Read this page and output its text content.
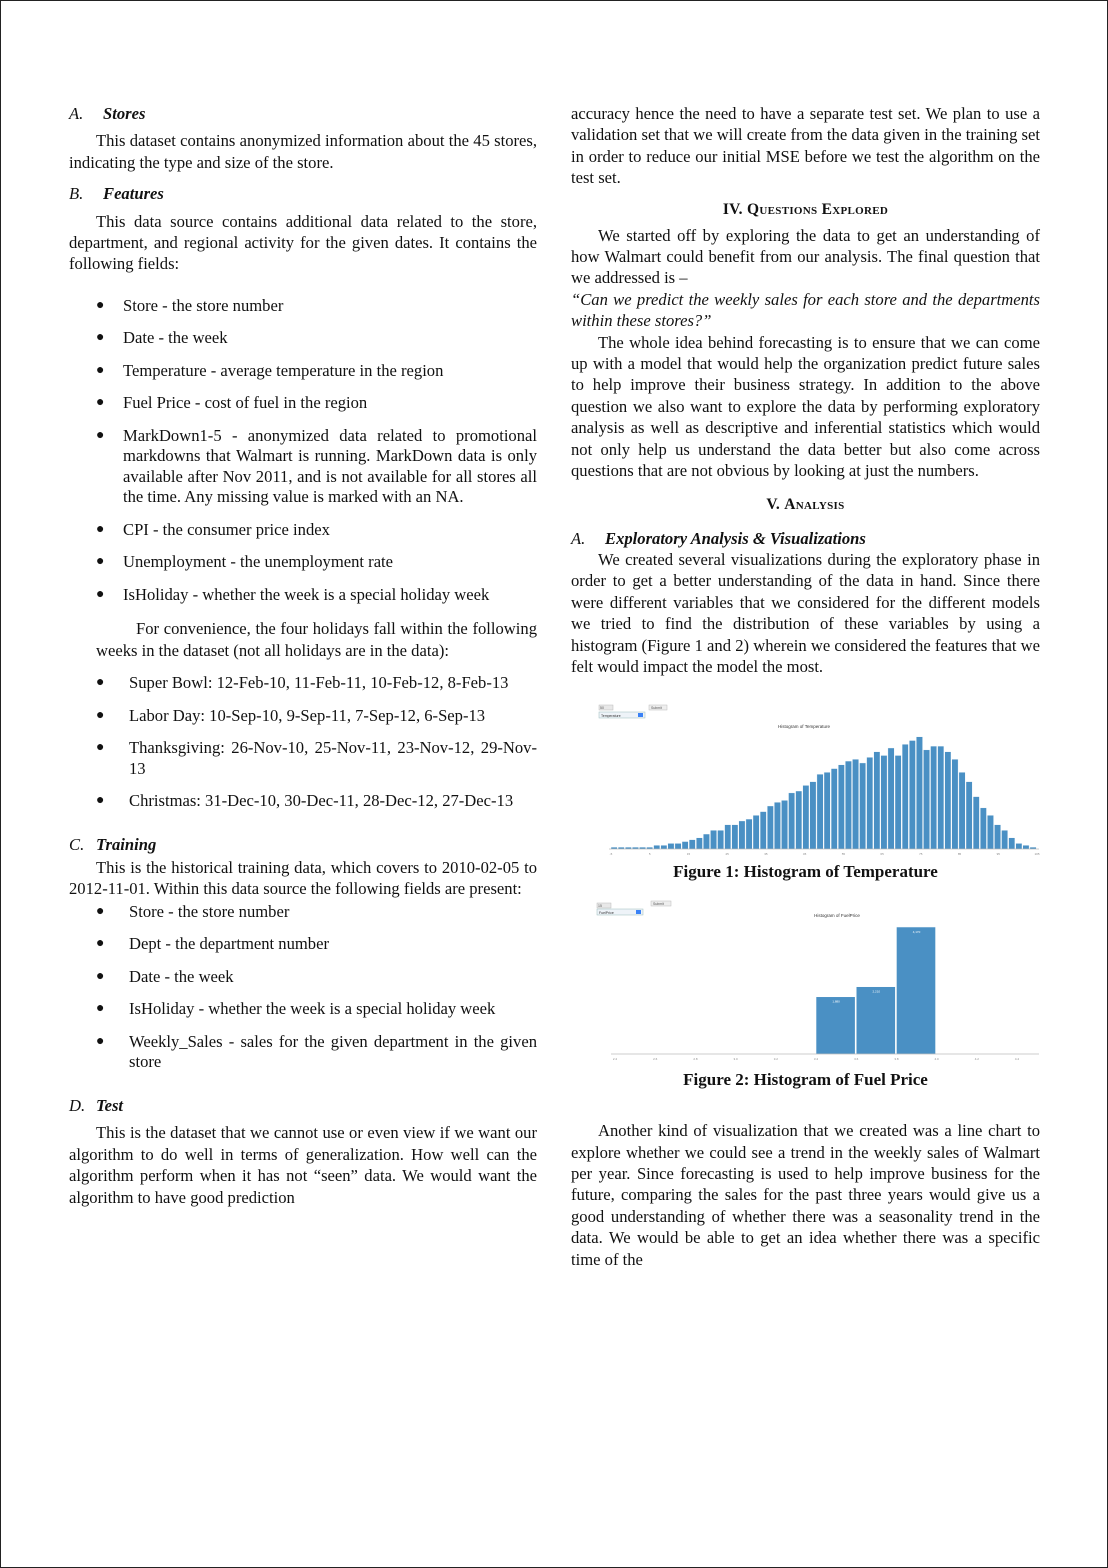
A. Stores

This dataset contains anonymized information about the 45 stores, indicating the type and size of the store.

B. Features

This data source contains additional data related to the store, department, and regional activity for the given dates. It contains the following fields:

● Store - the store number
● Date - the week
● Temperature - average temperature in the region
● Fuel Price - cost of fuel in the region
● MarkDown1-5 - anonymized data related to promotional markdowns that Walmart is running. MarkDown data is only available after Nov 2011, and is not available for all stores all the time. Any missing value is marked with an NA.
● CPI - the consumer price index
● Unemployment - the unemployment rate
● IsHoliday - whether the week is a special holiday week

For convenience, the four holidays fall within the following weeks in the dataset (not all holidays are in the data):

● Super Bowl: 12-Feb-10, 11-Feb-11, 10-Feb-12, 8-Feb-13
● Labor Day: 10-Sep-10, 9-Sep-11, 7-Sep-12, 6-Sep-13
● Thanksgiving: 26-Nov-10, 25-Nov-11, 23-Nov-12, 29-Nov-13
● Christmas: 31-Dec-10, 30-Dec-11, 28-Dec-12, 27-Dec-13
C. Training

This is the historical training data, which covers to 2010-02-05 to 2012-11-01. Within this data source the following fields are present:

● Store - the store number
● Dept - the department number
● Date - the week
● IsHoliday - whether the week is a special holiday week
● Weekly_Sales - sales for the given department in the given store
D. Test

This is the dataset that we cannot use or even view if we want our algorithm to do well in terms of generalization. How well can the algorithm perform when it has not “seen” data. We would want the algorithm to have good prediction

accuracy hence the need to have a separate test set. We plan to use a validation set that we will create from the data given in the training set in order to reduce our initial MSE before we test the algorithm on the test set.

IV. Questions Explored

We started off by exploring the data to get an understanding of how Walmart could benefit from our analysis. The final question that we addressed is –

“Can we predict the weekly sales for each store and the departments within these stores?”

The whole idea behind forecasting is to ensure that we can come up with a model that would help the organization predict future sales to help improve their business strategy. In addition to the above question we also want to explore the data by performing exploratory analysis as well as descriptive and inferential statistics which would not only help us understand the data better but also come across questions that are not obvious by looking at just the numbers.

V. Analysis
A. Exploratory Analysis & Visualizations

We created several visualizations during the exploratory phase in order to get a better understanding of the data in hand. Since there were different variables that we considered for the different models we tried to find the distribution of these variables by using a histogram (Figure 1 and 2) wherein we considered the features that we felt would impact the model the most.

50	Submit
Temperature
Histogram of Temperature
-5	5	15	25	35	45	55	65	75	85	95	105

Figure 1: Histogram of Temperature

15	Submit
FuelPrice	Histogram of FuelPrice
1,880
2,210
4,170
2.4	2.6	2.8	3.0	3.2	3.4	3.6	3.8	4.0	4.2	4.4

Figure 2: Histogram of Fuel Price

Another kind of visualization that we created was a line chart to explore whether we could see a trend in the weekly sales of Walmart per year. Since forecasting is used to help improve business for the future, comparing the sales for the past three years would give us a good understanding of whether there was a seasonality trend in the data. We would be able to get an idea whether there was a specific time of the
